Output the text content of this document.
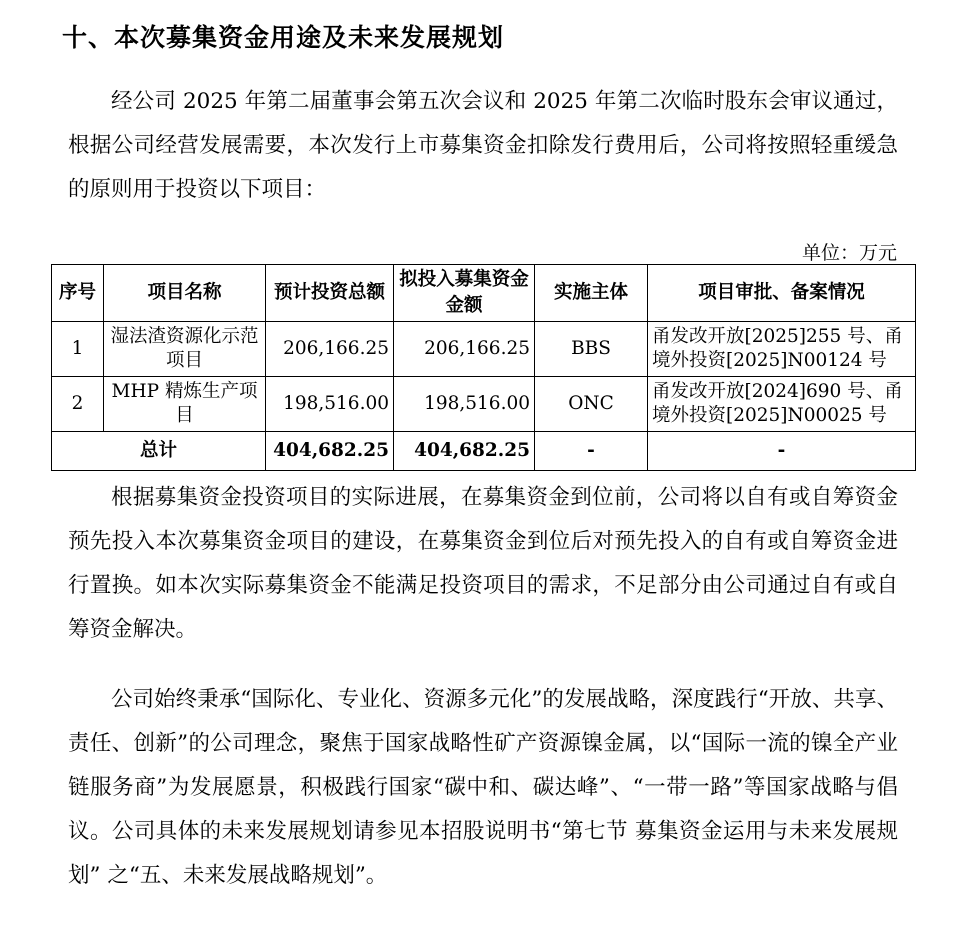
十、本次募集资金用途及未来发展规划
经公司 2025 年第二届董事会第五次会议和 2025 年第二次临时股东会审议通过，根据公司经营发展需要，本次发行上市募集资金扣除发行费用后，公司将按照轻重缓急的原则用于投资以下项目：
单位：万元
序号	项目名称	预计投资总额	拟投入募集资金金额	实施主体	项目审批、备案情况
1	湿法渣资源化示范项目	206,166.25	206,166.25	BBS	甬发改开放[2025]255 号、甬境外投资[2025]N00124 号
2	MHP 精炼生产项目	198,516.00	198,516.00	ONC	甬发改开放[2024]690 号、甬境外投资[2025]N00025 号
总计		404,682.25	404,682.25	-	-
根据募集资金投资项目的实际进展，在募集资金到位前，公司将以自有或自筹资金预先投入本次募集资金项目的建设，在募集资金到位后对预先投入的自有或自筹资金进行置换。如本次实际募集资金不能满足投资项目的需求，不足部分由公司通过自有或自筹资金解决。
公司始终秉承“国际化、专业化、资源多元化”的发展战略，深度践行“开放、共享、责任、创新”的公司理念，聚焦于国家战略性矿产资源镍金属，以“国际一流的镍全产业链服务商”为发展愿景，积极践行国家“碳中和、碳达峰”、“一带一路”等国家战略与倡议。公司具体的未来发展规划请参见本招股说明书“第七节 募集资金运用与未来发展规划” 之“五、未来发展战略规划”。
